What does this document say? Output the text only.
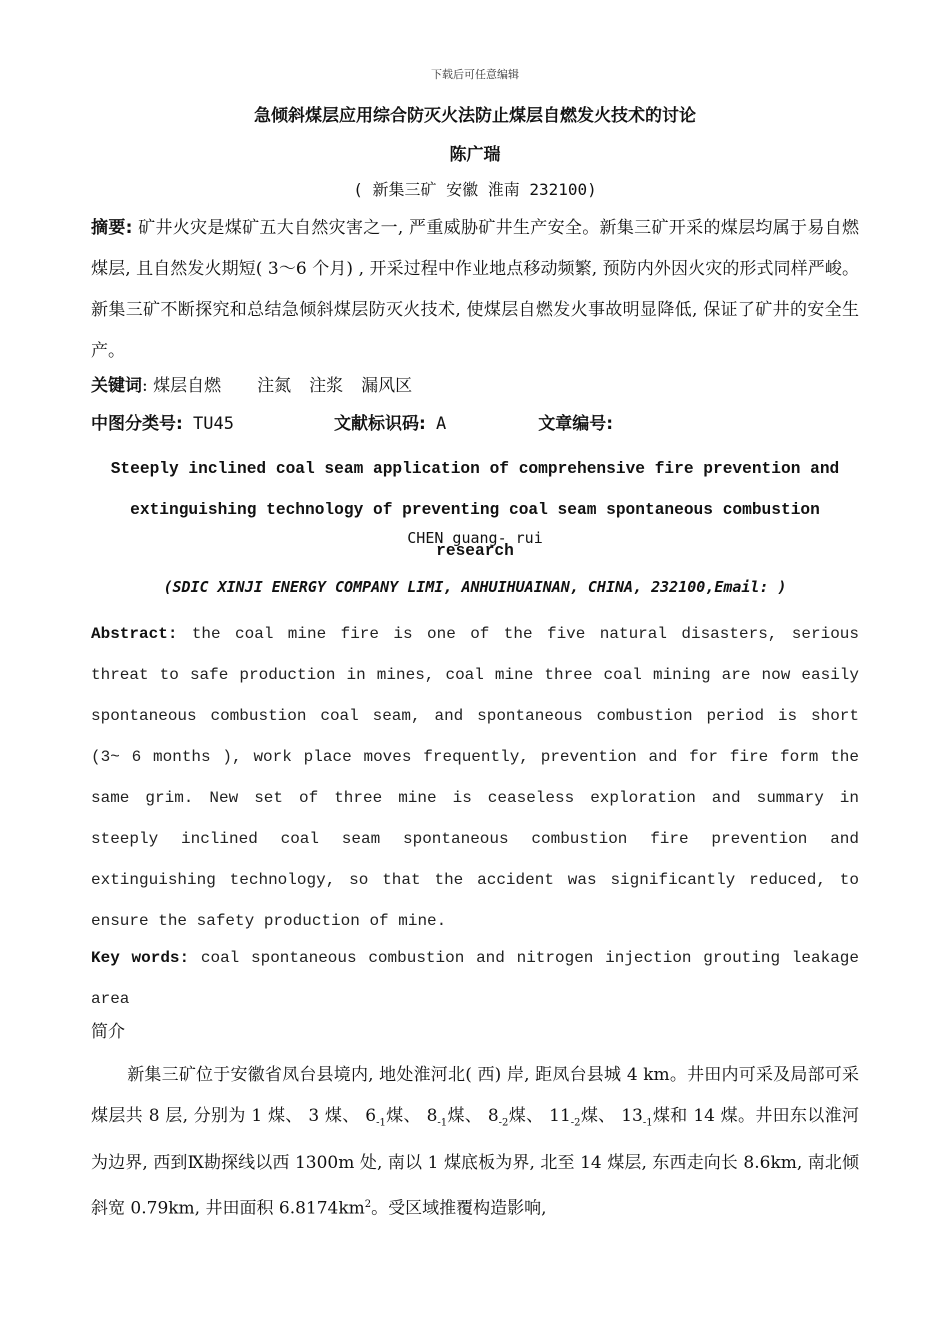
下载后可任意编辑
急倾斜煤层应用综合防灭火法防止煤层自燃发火技术的讨论
陈广瑞
( 新集三矿 安徽 淮南 232100)
摘要: 矿井火灾是煤矿五大自然灾害之一, 严重威胁矿井生产安全。新集三矿开采的煤层均属于易自燃煤层, 且自然发火期短( 3～6 个月) , 开采过程中作业地点移动频繁, 预防内外因火灾的形式同样严峻。新集三矿不断探究和总结急倾斜煤层防灭火技术, 使煤层自燃发火事故明显降低, 保证了矿井的安全生产。
关键词: 煤层自燃 注氮 注浆 漏风区
中图分类号: TU45	文献标识码: A	文章编号:
Steeply inclined coal seam application of comprehensive fire prevention and extinguishing technology of preventing coal seam spontaneous combustion research
CHEN guang- rui
(SDIC XINJI ENERGY COMPANY LIMI, ANHUIHUAINAN, CHINA, 232100,Email: )
Abstract: the coal mine fire is one of the five natural disasters, serious threat to safe production in mines, coal mine three coal mining are now easily spontaneous combustion coal seam, and spontaneous combustion period is short (3~ 6 months ), work place moves frequently, prevention and for fire form the same grim. New set of three mine is ceaseless exploration and summary in steeply inclined coal seam spontaneous combustion fire prevention and extinguishing technology, so that the accident was significantly reduced, to ensure the safety production of mine.
Key words: coal spontaneous combustion and nitrogen injection grouting leakage area
简介
新集三矿位于安徽省凤台县境内, 地处淮河北( 西) 岸, 距凤台县城 4 km。井田内可采及局部可采煤层共 8 层, 分别为 1 煤、 3 煤、 $6_{-1}$煤、 $8_{-1}$煤、 $8_{-2}$煤、 $11_{-2}$煤、 $13_{-1}$煤和 14 煤。井田东以淮河为边界, 西到Ⅸ勘探线以西 1300m 处, 南以 1 煤底板为界, 北至 14 煤层, 东西走向长 8.6km, 南北倾斜宽 0.79km, 井田面积 $6.8174km^2$。受区域推覆构造影响,
